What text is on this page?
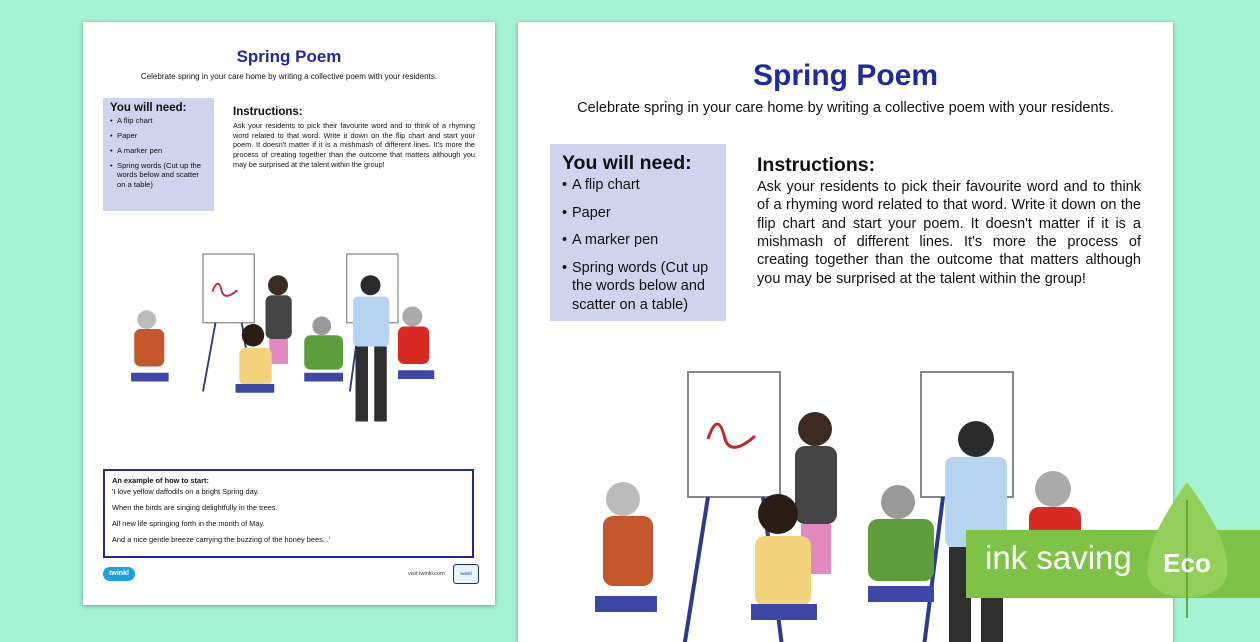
Spring Poem
Celebrate spring in your care home by writing a collective poem with your residents.
You will need:
• A flip chart
• Paper
• A marker pen
• Spring words (Cut up the words below and scatter on a table)
Instructions:
Ask your residents to pick their favourite word and to think of a rhyming word related to that word. Write it down on the flip chart and start your poem. It doesn't matter if it is a mishmash of different lines. It's more the process of creating together than the outcome that matters although you may be surprised at the talent within the group!
An example of how to start:
'I love yellow daffodils on a bright Spring day.
When the birds are singing delightfully in the trees.
All new life springing forth in the month of May.
And a nice gentle breeze carrying the buzzing of the honey bees...'
twinkl	visit twinkl.com	twinkl
Spring Poem
Celebrate spring in your care home by writing a collective poem with your residents.
You will need:
• A flip chart
• Paper
• A marker pen
• Spring words (Cut up the words below and scatter on a table)
Instructions:
Ask your residents to pick their favourite word and to think of a rhyming word related to that word. Write it down on the flip chart and start your poem. It doesn't matter if it is a mishmash of different lines. It's more the process of creating together than the outcome that matters although you may be surprised at the talent within the group!
ink saving Eco
